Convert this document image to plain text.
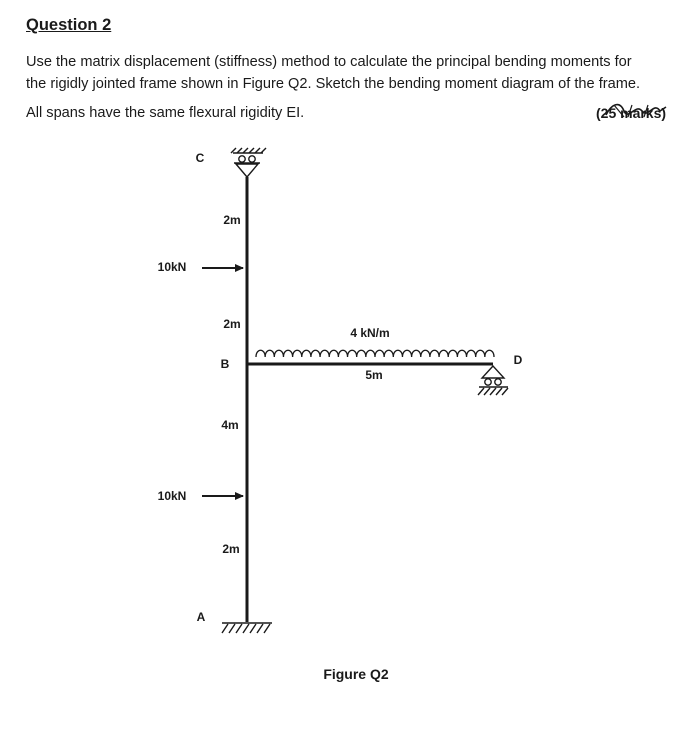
Question 2
Use the matrix displacement (stiffness) method to calculate the principal bending moments for
the rigidly jointed frame shown in Figure Q2. Sketch the bending moment diagram of the frame.
All spans have the same flexural rigidity EI.	(25 marks)
C
B
A
D
2m
2m
4m
2m
5m
10kN
10kN
4 kN/m
Figure Q2
